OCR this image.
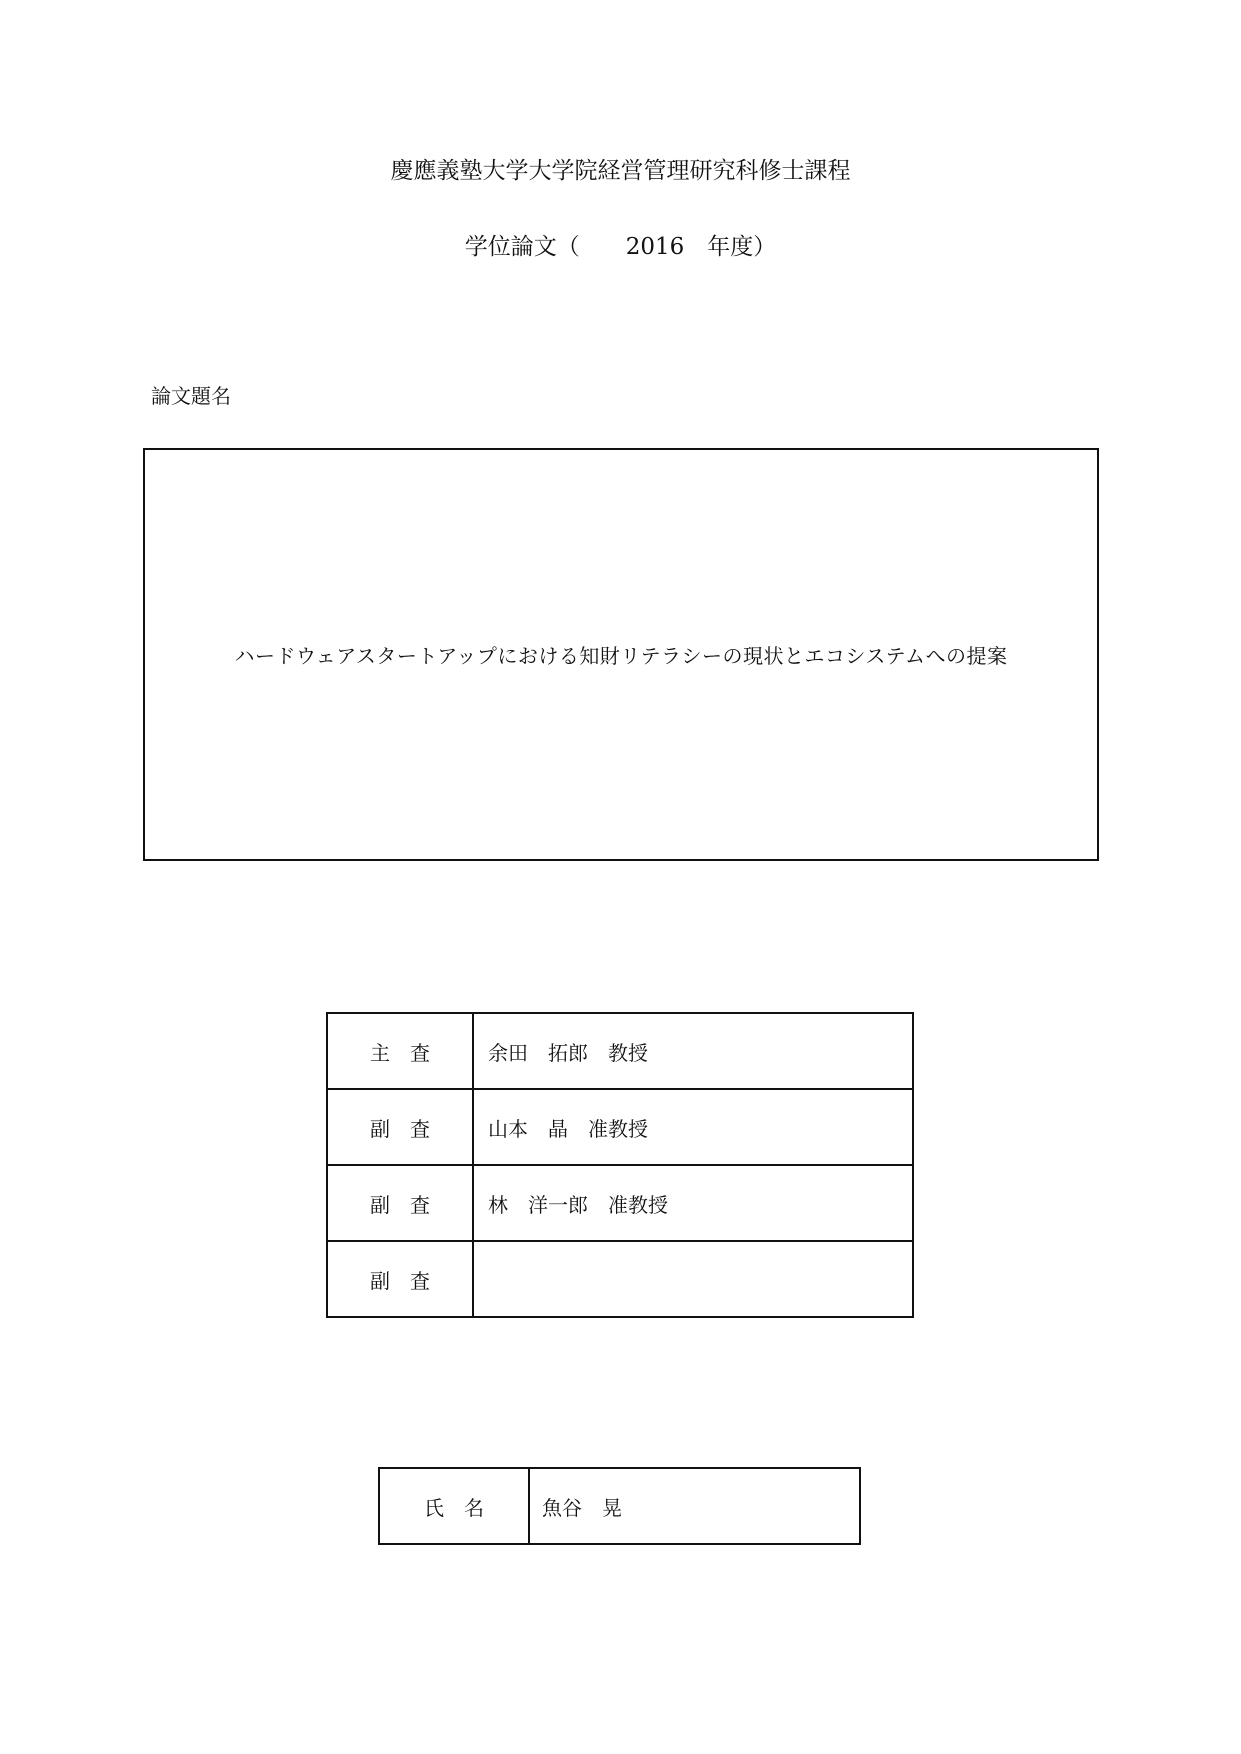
慶應義塾大学大学院経営管理研究科修士課程
学位論文（　　2016　年度）
論文題名
ハードウェアスタートアップにおける知財リテラシーの現状とエコシステムへの提案
主　査	余田　拓郎　教授
副　査	山本　晶　准教授
副　査	林　洋一郎　准教授
副　査	
氏　名	魚谷　晃
